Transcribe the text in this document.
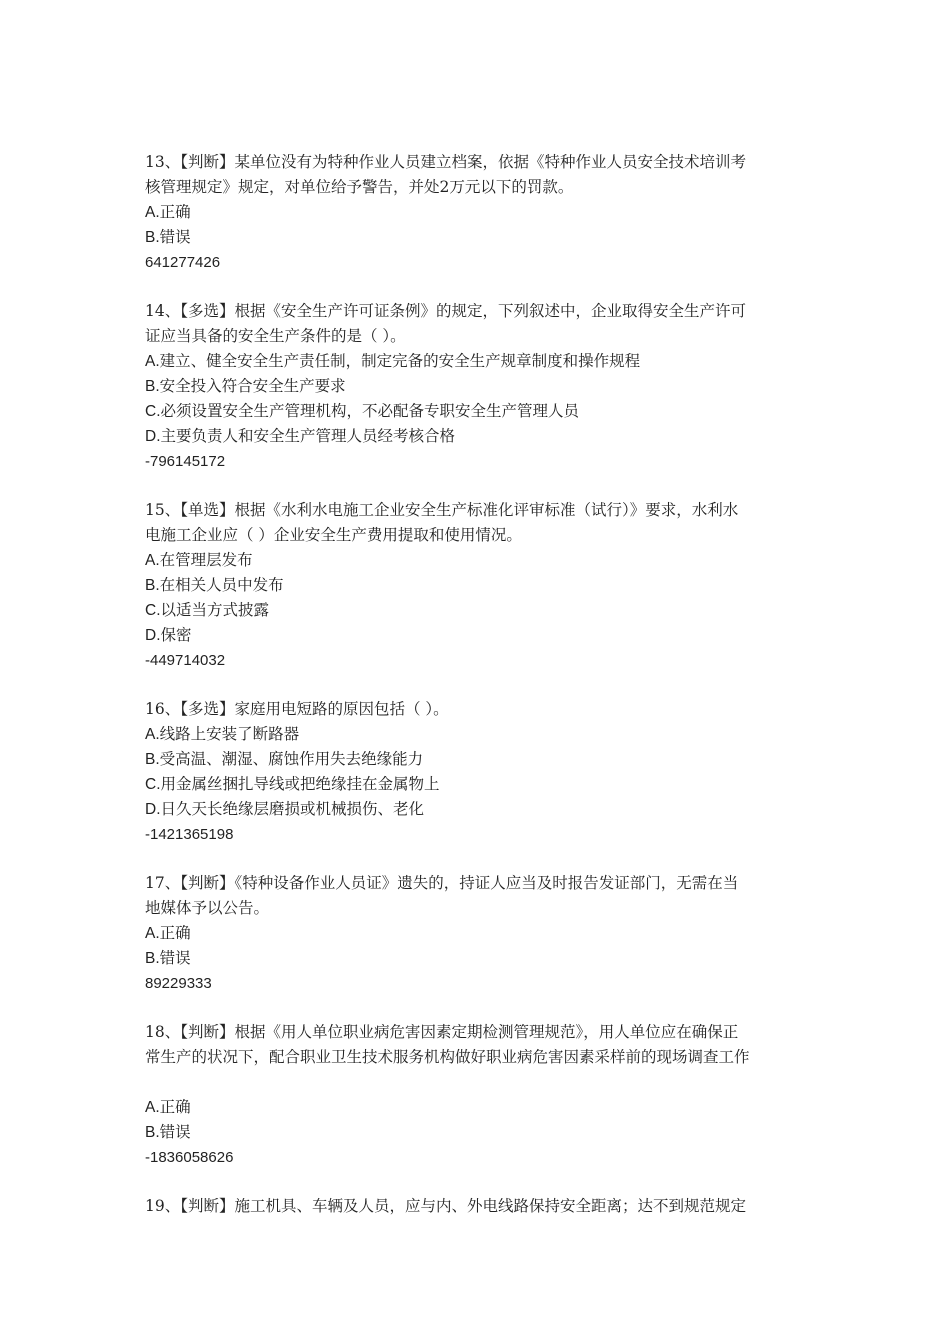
13、【判断】某单位没有为特种作业人员建立档案，依据《特种作业人员安全技术培训考
核管理规定》规定，对单位给予警告，并处2万元以下的罚款。
A.正确
B.错误
641277426
14、【多选】根据《安全生产许可证条例》的规定，下列叙述中，企业取得安全生产许可
证应当具备的安全生产条件的是（ ）。
A.建立、健全安全生产责任制，制定完备的安全生产规章制度和操作规程
B.安全投入符合安全生产要求
C.必须设置安全生产管理机构，不必配备专职安全生产管理人员
D.主要负责人和安全生产管理人员经考核合格
-796145172
15、【单选】根据《水利水电施工企业安全生产标准化评审标准（试行）》要求，水利水
电施工企业应（ ）企业安全生产费用提取和使用情况。
A.在管理层发布
B.在相关人员中发布
C.以适当方式披露
D.保密
-449714032
16、【多选】家庭用电短路的原因包括（ ）。
A.线路上安装了断路器
B.受高温、潮湿、腐蚀作用失去绝缘能力
C.用金属丝捆扎导线或把绝缘挂在金属物上
D.日久天长绝缘层磨损或机械损伤、老化
-1421365198
17、【判断】《特种设备作业人员证》遗失的，持证人应当及时报告发证部门，无需在当
地媒体予以公告。
A.正确
B.错误
89229333
18、【判断】根据《用人单位职业病危害因素定期检测管理规范》，用人单位应在确保正
常生产的状况下，配合职业卫生技术服务机构做好职业病危害因素采样前的现场调查工作
A.正确
B.错误
-1836058626
19、【判断】施工机具、车辆及人员，应与内、外电线路保持安全距离；达不到规范规定
